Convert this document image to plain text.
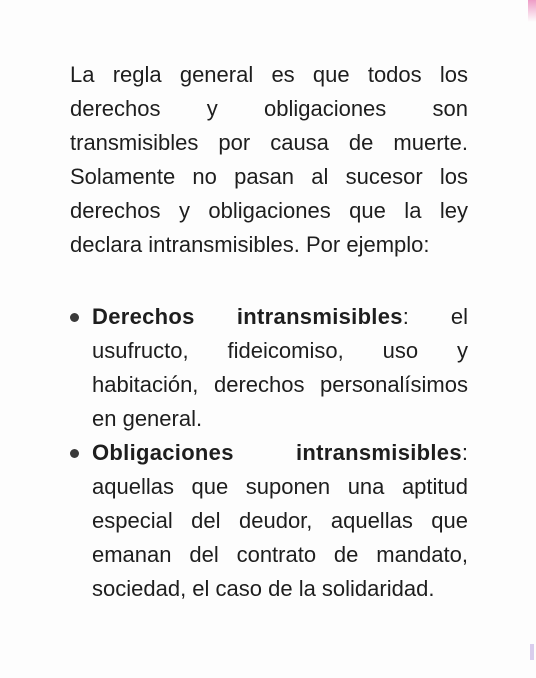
La regla general es que todos los derechos y obligaciones son transmisibles por causa de muerte. Solamente no pasan al sucesor los derechos y obligaciones que la ley declara intransmisibles. Por ejemplo:

Derechos intransmisibles: el usufructo, fideicomiso, uso y habitación, derechos personalísimos en general.
Obligaciones intransmisibles: aquellas que suponen una aptitud especial del deudor, aquellas que emanan del contrato de mandato, sociedad, el caso de la solidaridad.
